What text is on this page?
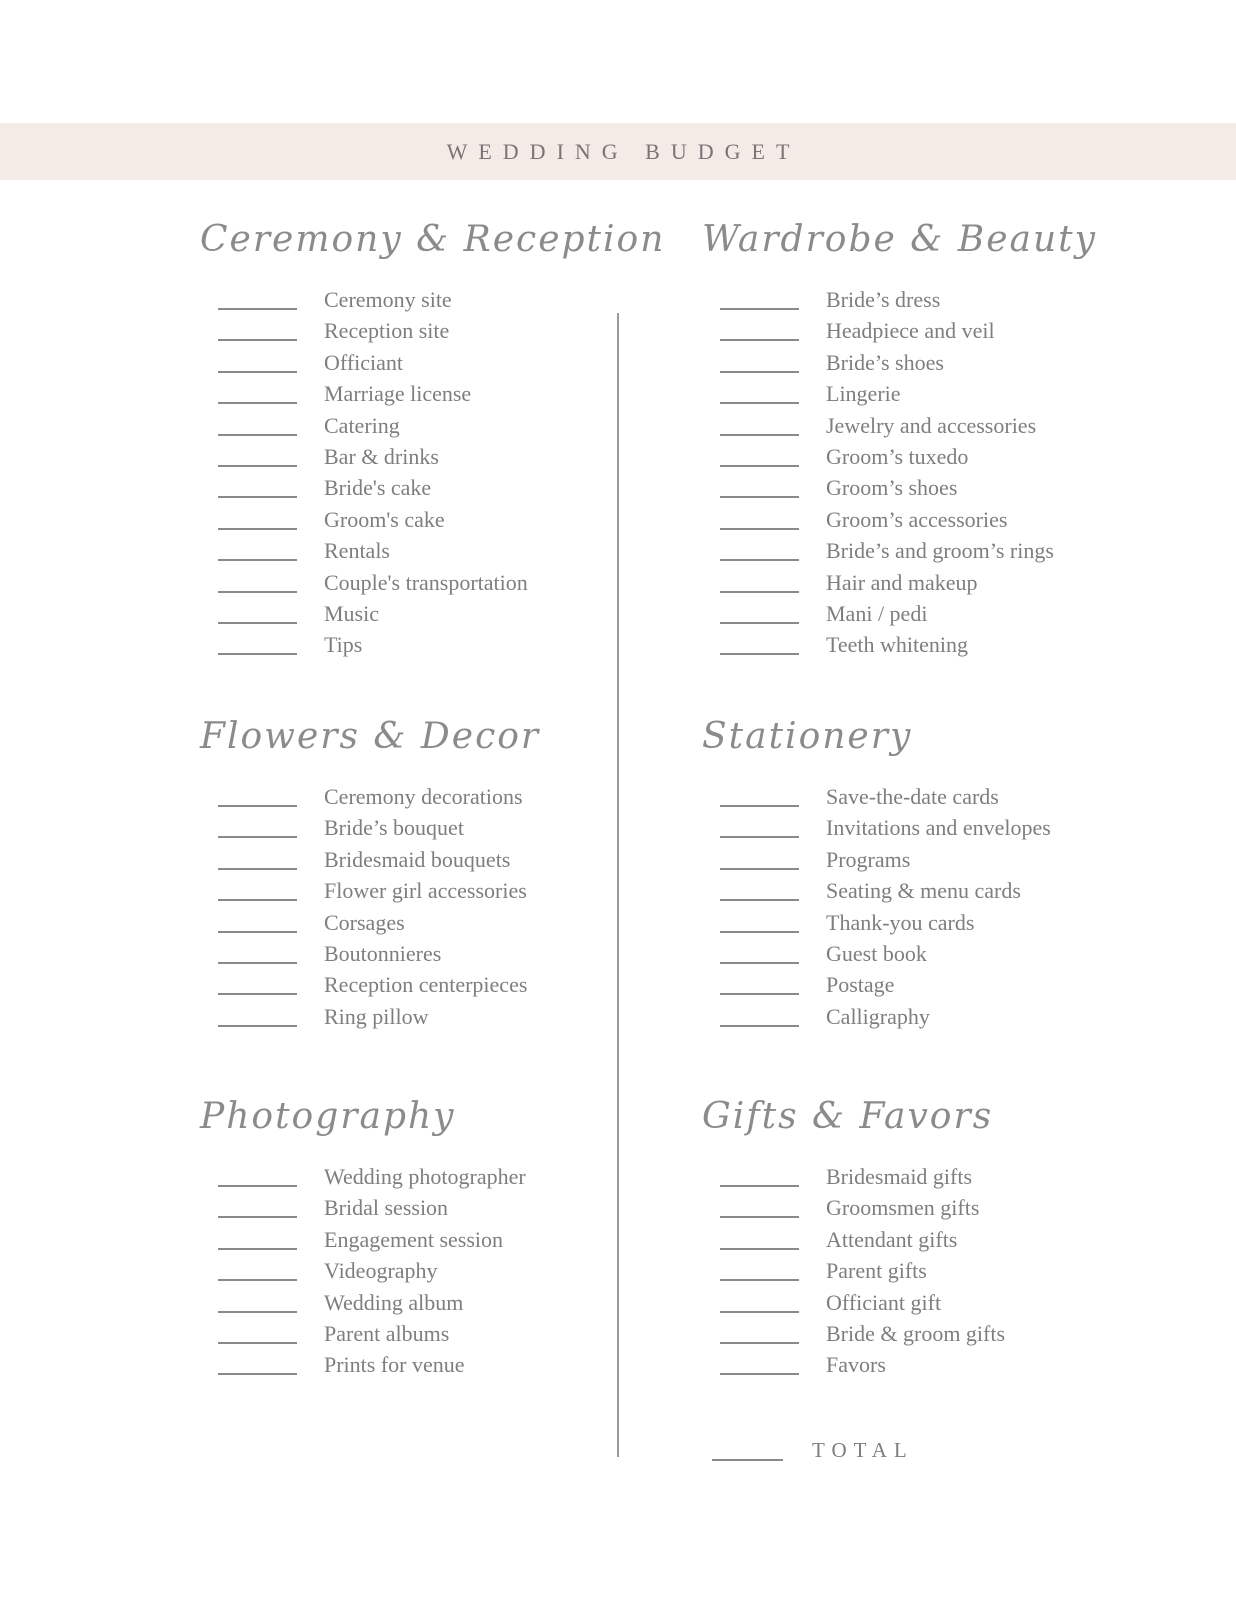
WEDDING BUDGET
Ceremony & Reception
Ceremony site
Reception site
Officiant
Marriage license
Catering
Bar & drinks
Bride's cake
Groom's cake
Rentals
Couple's transportation
Music
Tips
Flowers & Decor
Ceremony decorations
Bride’s bouquet
Bridesmaid bouquets
Flower girl accessories
Corsages
Boutonnieres
Reception centerpieces
Ring pillow
Photography
Wedding photographer
Bridal session
Engagement session
Videography
Wedding album
Parent albums
Prints for venue
Wardrobe & Beauty
Bride’s dress
Headpiece and veil
Bride’s shoes
Lingerie
Jewelry and accessories
Groom’s tuxedo
Groom’s shoes
Groom’s accessories
Bride’s and groom’s rings
Hair and makeup
Mani / pedi
Teeth whitening
Stationery
Save-the-date cards
Invitations and envelopes
Programs
Seating & menu cards
Thank-you cards
Guest book
Postage
Calligraphy
Gifts & Favors
Bridesmaid gifts
Groomsmen gifts
Attendant gifts
Parent gifts
Officiant gift
Bride & groom gifts
Favors
TOTAL
